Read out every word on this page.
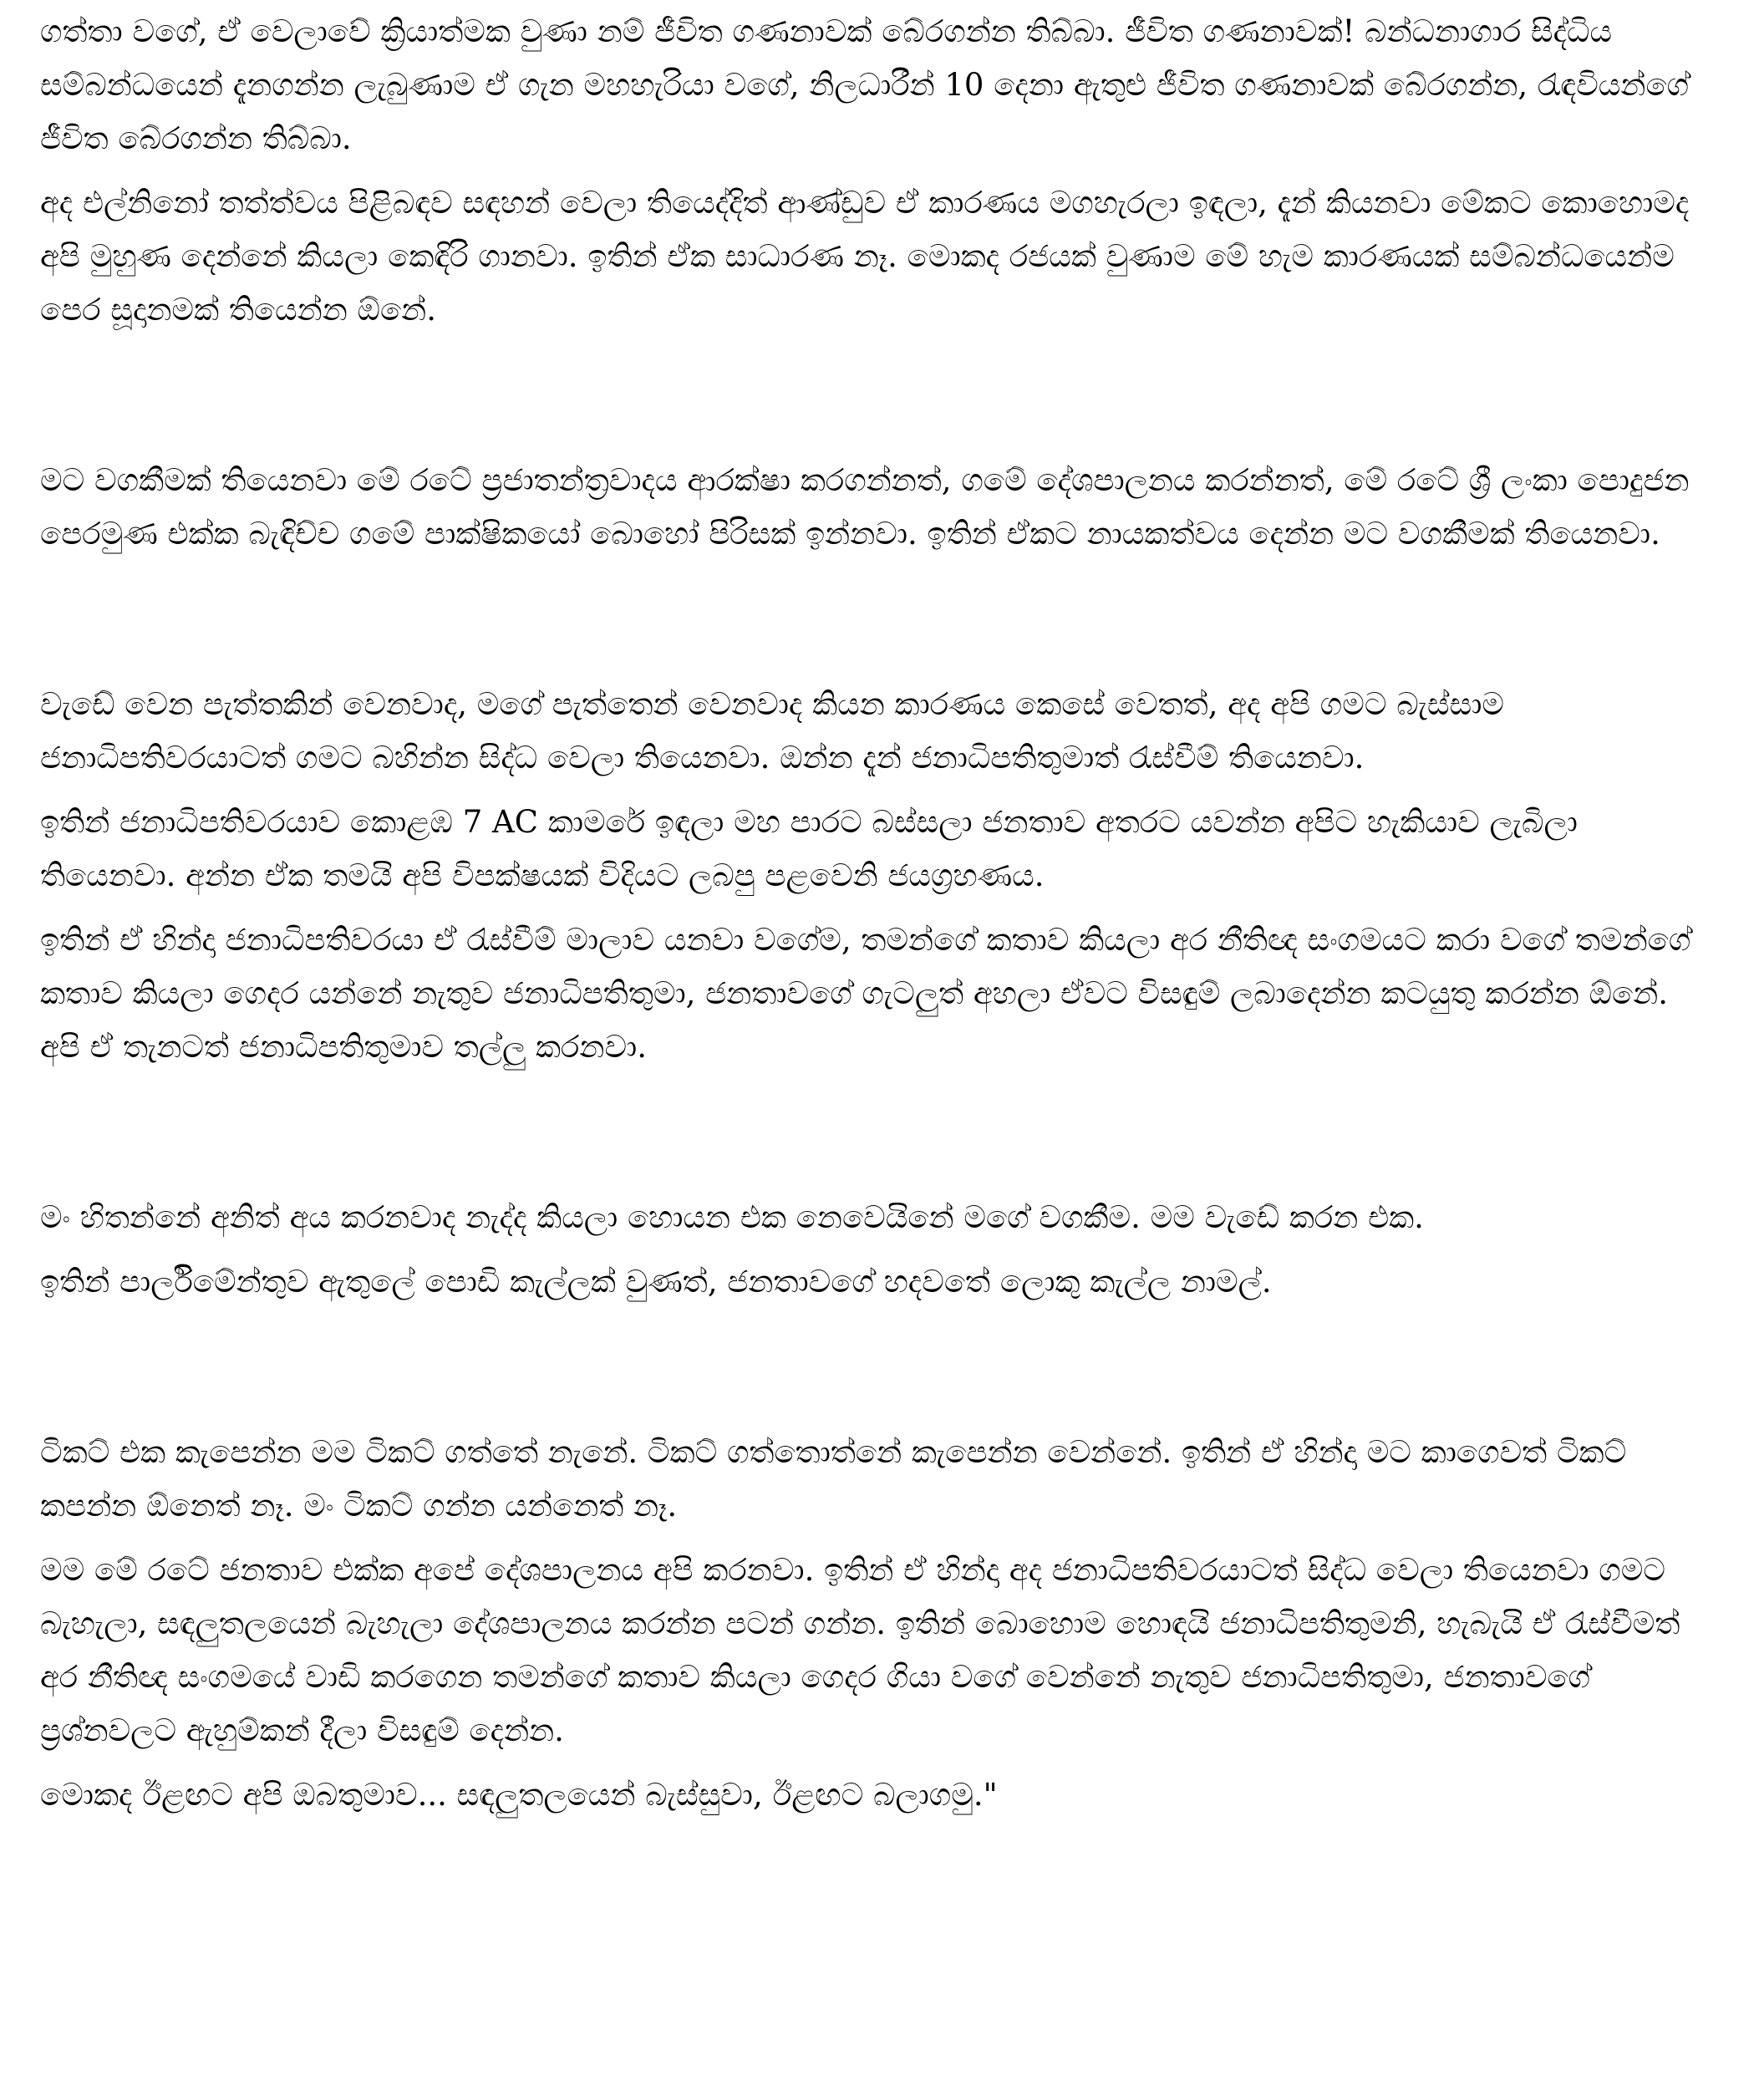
ගත්තා වගේ, ඒ වෙලාවේ ක්‍රියාත්මක වුණා නම් ජීවිත ගණනාවක් බේරගන්න තිබ්බා. ජීවිත ගණනාවක්! බන්ධනාගාර සිද්ධිය සම්බන්ධයෙන් දැනගන්න ලැබුණාම ඒ ගැන මහහැරියා වගේ, නිලධාරීන් 10 දෙනා ඇතුළු ජීවිත ගණනාවක් බේරගන්න, රැඳවියන්ගේ ජීවිත බේරගන්න තිබ්බා.

අද එල්නිනෝ තත්ත්වය පිළිබඳව සඳහන් වෙලා තියෙද්දිත් ආණ්ඩුව ඒ කාරණය මගහැරලා ඉඳලා, දැන් කියනවා මේකට කොහොමද අපි මුහුණ දෙන්නේ කියලා කෙඳිරි ගානවා. ඉතින් ඒක සාධාරණ නෑ. මොකද රජයක් වුණාම මේ හැම කාරණයක් සම්බන්ධයෙන්ම පෙර සූදානමක් තියෙන්න ඕනේ.

මට වගකීමක් තියෙනවා මේ රටේ ප්‍රජාතන්ත්‍රවාදය ආරක්ෂා කරගන්නත්, ගමේ දේශපාලනය කරන්නත්, මේ රටේ ශ්‍රී ලංකා පොදුජන පෙරමුණ එක්ක බැඳිච්ච ගමේ පාක්ෂිකයෝ බොහෝ පිරිසක් ඉන්නවා. ඉතින් ඒකට නායකත්වය දෙන්න මට වගකීමක් තියෙනවා.

වැඩේ වෙන පැත්තකින් වෙනවාද, මගේ පැත්තෙන් වෙනවාද කියන කාරණය කෙසේ වෙතත්, අද අපි ගමට බැස්සාම ජනාධිපතිවරයාටත් ගමට බහින්න සිද්ධ වෙලා තියෙනවා. ඔන්න දැන් ජනාධිපතිතුමාත් රැස්වීම් තියෙනවා.

ඉතින් ජනාධිපතිවරයාව කොළඹ 7 AC කාමරේ ඉඳලා මහ පාරට බස්සලා ජනතාව අතරට යවන්න අපිට හැකියාව ලැබිලා තියෙනවා. අන්න ඒක තමයි අපි විපක්ෂයක් විදියට ලබපු පළවෙනි ජයග්‍රහණය.

ඉතින් ඒ හින්දා ජනාධිපතිවරයා ඒ රැස්වීම් මාලාව යනවා වගේම, තමන්ගේ කතාව කියලා අර නීතිඥ සංගමයට කරා වගේ තමන්ගේ කතාව කියලා ගෙදර යන්නේ නැතුව ජනාධිපතිතුමා, ජනතාවගේ ගැටලුත් අහලා ඒවට විසඳුම් ලබාදෙන්න කටයුතු කරන්න ඕනේ. අපි ඒ තැනටත් ජනාධිපතිතුමාව තල්ලු කරනවා.

මං හිතන්නේ අනිත් අය කරනවාද නැද්ද කියලා හොයන එක නෙවෙයිනේ මගේ වගකීම. මම වැඩේ කරන එක.

ඉතින් පාර්ලිමේන්තුව ඇතුලේ පොඩි කැල්ලක් වුණත්, ජනතාවගේ හදවතේ ලොකු කැල්ල නාමල්.

ටිකට් එක කැපෙන්න මම ටිකට් ගත්තේ නැනේ. ටිකට් ගත්තොත්නේ කැපෙන්න වෙන්නේ. ඉතින් ඒ හින්දා මට කාගෙවත් ටිකට් කපන්න ඕනෙත් නෑ. මං ටිකට් ගන්න යන්නෙත් නෑ.

මම මේ රටේ ජනතාව එක්ක අපේ දේශපාලනය අපි කරනවා. ඉතින් ඒ හින්දා අද ජනාධිපතිවරයාටත් සිද්ධ වෙලා තියෙනවා ගමට බැහැලා, සඳලුතලයෙන් බැහැලා දේශපාලනය කරන්න පටන් ගන්න. ඉතින් බොහොම හොඳයි ජනාධිපතිතුමනි, හැබැයි ඒ රැස්වීමත් අර නීතිඥ සංගමයේ වාඩි කරගෙන තමන්ගේ කතාව කියලා ගෙදර ගියා වගේ වෙන්නේ නැතුව ජනාධිපතිතුමා, ජනතාවගේ ප්‍රශ්නවලට ඇහුම්කන් දීලා විසඳුම් දෙන්න.

මොකද ඊළඟට අපි ඔබතුමාව... සඳලුතලයෙන් බැස්සුවා, ඊළඟට බලාගමු."
